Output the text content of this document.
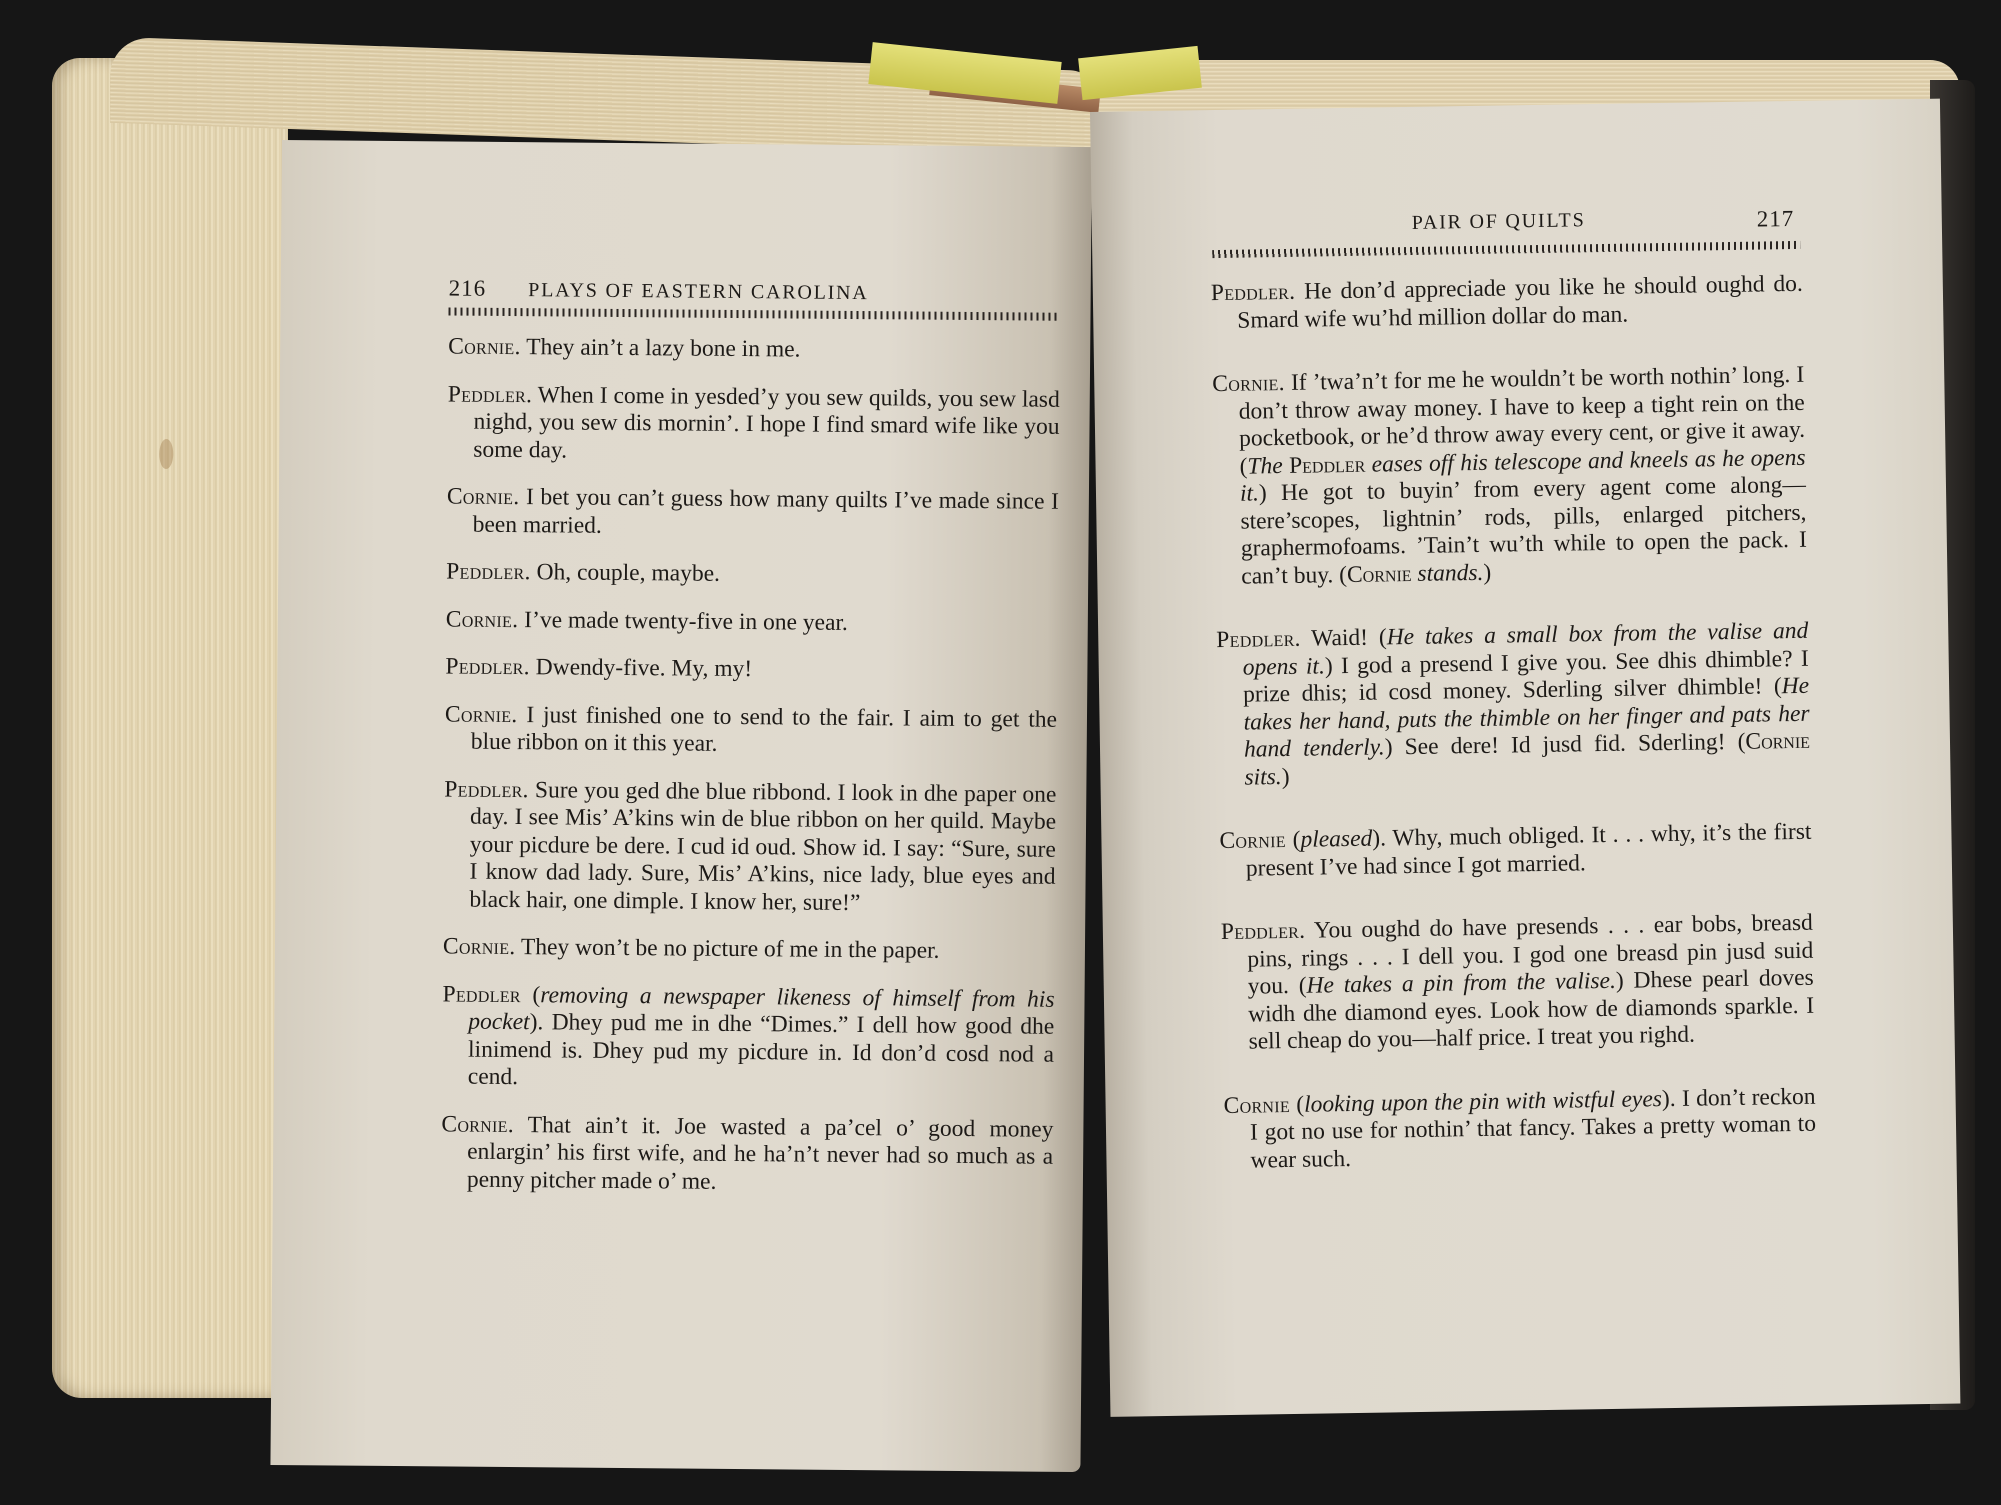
216 PLAYS OF EASTERN CAROLINA

Cornie. They ain’t a lazy bone in me.

Peddler. When I come in yesded’y you sew quilds, you sew lasd nighd, you sew dis mornin’. I hope I find smard wife like you some day.

Cornie. I bet you can’t guess how many quilts I’ve made since I been married.

Peddler. Oh, couple, maybe.

Cornie. I’ve made twenty-five in one year.

Peddler. Dwendy-five. My, my!

Cornie. I just finished one to send to the fair. I aim to get the blue ribbon on it this year.

Peddler. Sure you ged dhe blue ribbond. I look in dhe paper one day. I see Mis’ A’kins win de blue ribbon on her quild. Maybe your picdure be dere. I cud id oud. Show id. I say: “Sure, sure I know dad lady. Sure, Mis’ A’kins, nice lady, blue eyes and black hair, one dimple. I know her, sure!”

Cornie. They won’t be no picture of me in the paper.

Peddler (removing a newspaper likeness of himself from his pocket). Dhey pud me in dhe “Dimes.” I dell how good dhe linimend is. Dhey pud my picdure in. Id don’d cosd nod a cend.

Cornie. That ain’t it. Joe wasted a pa’cel o’ good money enlargin’ his first wife, and he ha’n’t never had so much as a penny pitcher made o’ me.

PAIR OF QUILTS	217

Peddler. He don’d appreciade you like he should oughd do. Smard wife wu’hd million dollar do man.

Cornie. If ’twa’n’t for me he wouldn’t be worth nothin’ long. I don’t throw away money. I have to keep a tight rein on the pocketbook, or he’d throw away every cent, or give it away. (The Peddler eases off his telescope and kneels as he opens it.) He got to buyin’ from every agent come along—stere’scopes, lightnin’ rods, pills, enlarged pitchers, graphermofoams. ’Tain’t wu’th while to open the pack. I can’t buy. (Cornie stands.)

Peddler. Waid! (He takes a small box from the valise and opens it.) I god a presend I give you. See dhis dhimble? I prize dhis; id cosd money. Sderling silver dhimble! (He takes her hand, puts the thimble on her finger and pats her hand tenderly.) See dere! Id jusd fid. Sderling! (Cornie sits.)

Cornie (pleased). Why, much obliged. It . . . why, it’s the first present I’ve had since I got married.

Peddler. You oughd do have presends . . . ear bobs, breasd pins, rings . . . I dell you. I god one breasd pin jusd suid you. (He takes a pin from the valise.) Dhese pearl doves widh dhe diamond eyes. Look how de diamonds sparkle. I sell cheap do you—half price. I treat you righd.

Cornie (looking upon the pin with wistful eyes). I don’t reckon I got no use for nothin’ that fancy. Takes a pretty woman to wear such.
